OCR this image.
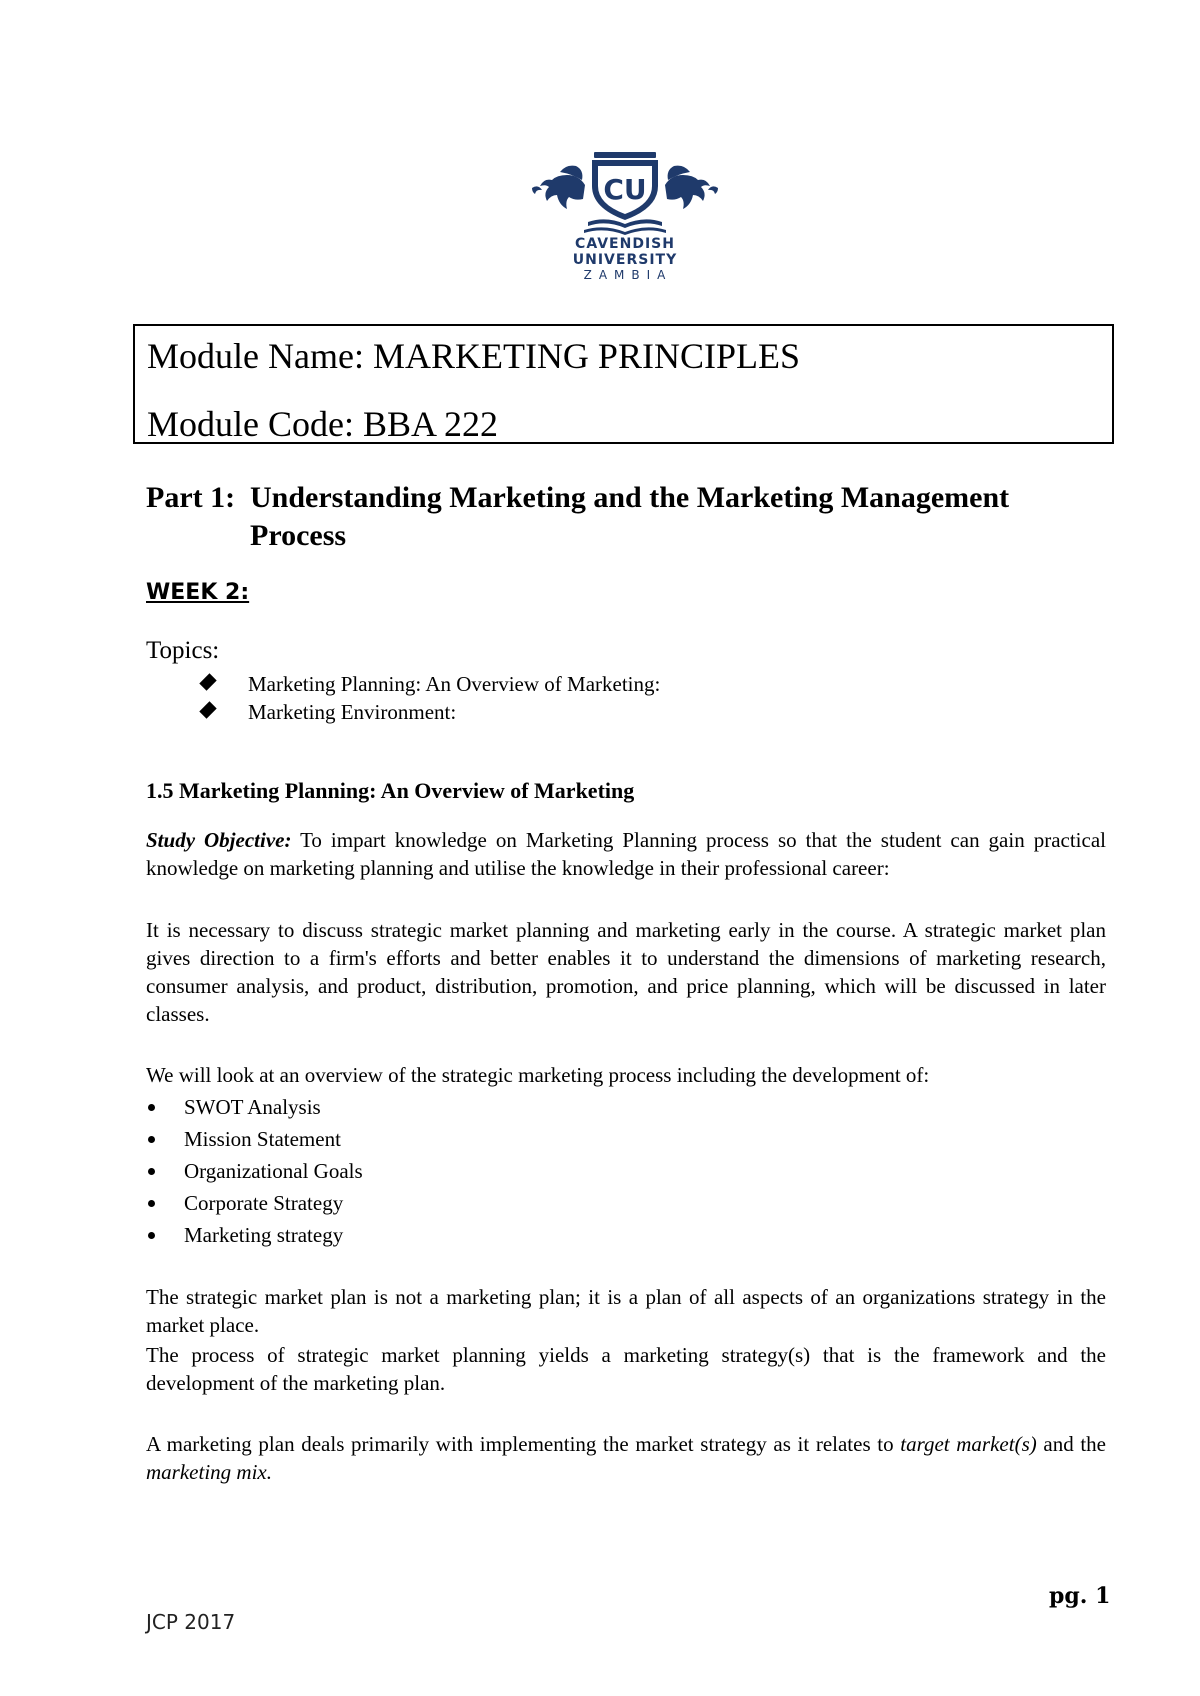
CU
CAVENDISH
UNIVERSITY
ZAMBIA
Module Name: MARKETING PRINCIPLES
Module Code: BBA 222
Part 1: Understanding Marketing and the Marketing Management
Process
WEEK 2:
Topics:
Marketing Planning: An Overview of Marketing:
Marketing Environment:
1.5 Marketing Planning: An Overview of Marketing
Study Objective: To impart knowledge on Marketing Planning process so that the student can gain practical knowledge on marketing planning and utilise the knowledge in their professional career:
It is necessary to discuss strategic market planning and marketing early in the course. A strategic market plan gives direction to a firm's efforts and better enables it to understand the dimensions of marketing research, consumer analysis, and product, distribution, promotion, and price planning, which will be discussed in later classes.
We will look at an overview of the strategic marketing process including the development of:
SWOT Analysis
Mission Statement
Organizational Goals
Corporate Strategy
Marketing strategy
The strategic market plan is not a marketing plan; it is a plan of all aspects of an organizations strategy in the market place.
The process of strategic market planning yields a marketing strategy(s) that is the framework and the development of the marketing plan.
A marketing plan deals primarily with implementing the market strategy as it relates to target market(s) and the marketing mix.
pg. 1
JCP 2017
